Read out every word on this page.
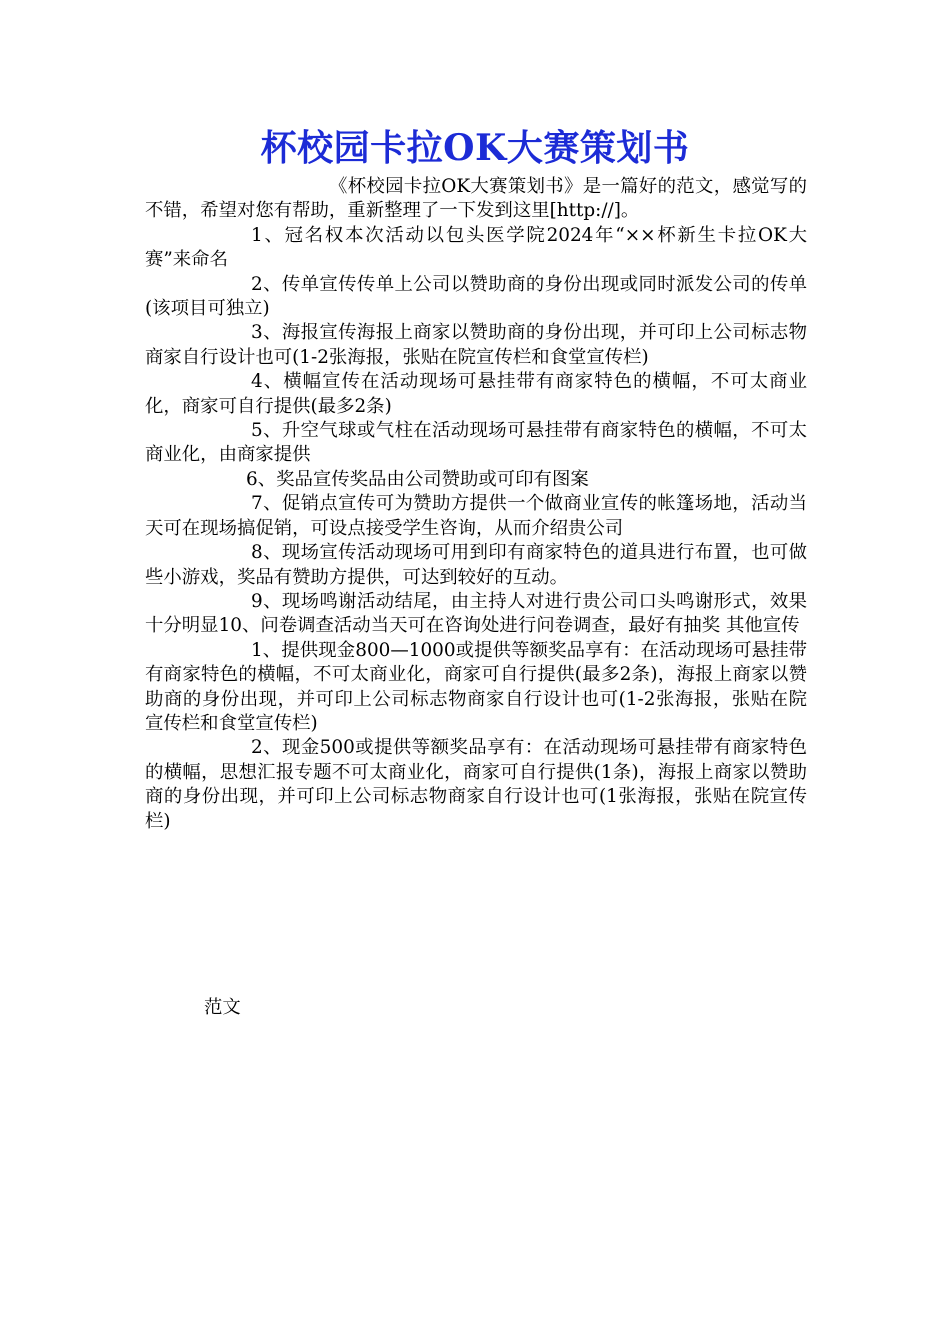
杯校园卡拉OK大赛策划书

《杯校园卡拉OK大赛策划书》是一篇好的范文，感觉写的不错，希望对您有帮助，重新整理了一下发到这里[http://]。

1、冠名权本次活动以包头医学院2024年“××杯新生卡拉OK大赛”来命名

2、传单宣传传单上公司以赞助商的身份出现或同时派发公司的传单(该项目可独立)

3、海报宣传海报上商家以赞助商的身份出现，并可印上公司标志物商家自行设计也可(1-2张海报，张贴在院宣传栏和食堂宣传栏)

4、横幅宣传在活动现场可悬挂带有商家特色的横幅，不可太商业化，商家可自行提供(最多2条)

5、升空气球或气柱在活动现场可悬挂带有商家特色的横幅，不可太商业化，由商家提供

6、奖品宣传奖品由公司赞助或可印有图案

7、促销点宣传可为赞助方提供一个做商业宣传的帐篷场地，活动当天可在现场搞促销，可设点接受学生咨询，从而介绍贵公司

8、现场宣传活动现场可用到印有商家特色的道具进行布置，也可做些小游戏，奖品有赞助方提供，可达到较好的互动。

9、现场鸣谢活动结尾，由主持人对进行贵公司口头鸣谢形式，效果十分明显10、问卷调查活动当天可在咨询处进行问卷调查，最好有抽奖 其他宣传

1、提供现金800—1000或提供等额奖品享有：在活动现场可悬挂带有商家特色的横幅，不可太商业化，商家可自行提供(最多2条)，海报上商家以赞助商的身份出现，并可印上公司标志物商家自行设计也可(1-2张海报，张贴在院宣传栏和食堂宣传栏)

2、现金500或提供等额奖品享有：在活动现场可悬挂带有商家特色的横幅，思想汇报专题不可太商业化，商家可自行提供(1条)，海报上商家以赞助商的身份出现，并可印上公司标志物商家自行设计也可(1张海报，张贴在院宣传栏)

范文
